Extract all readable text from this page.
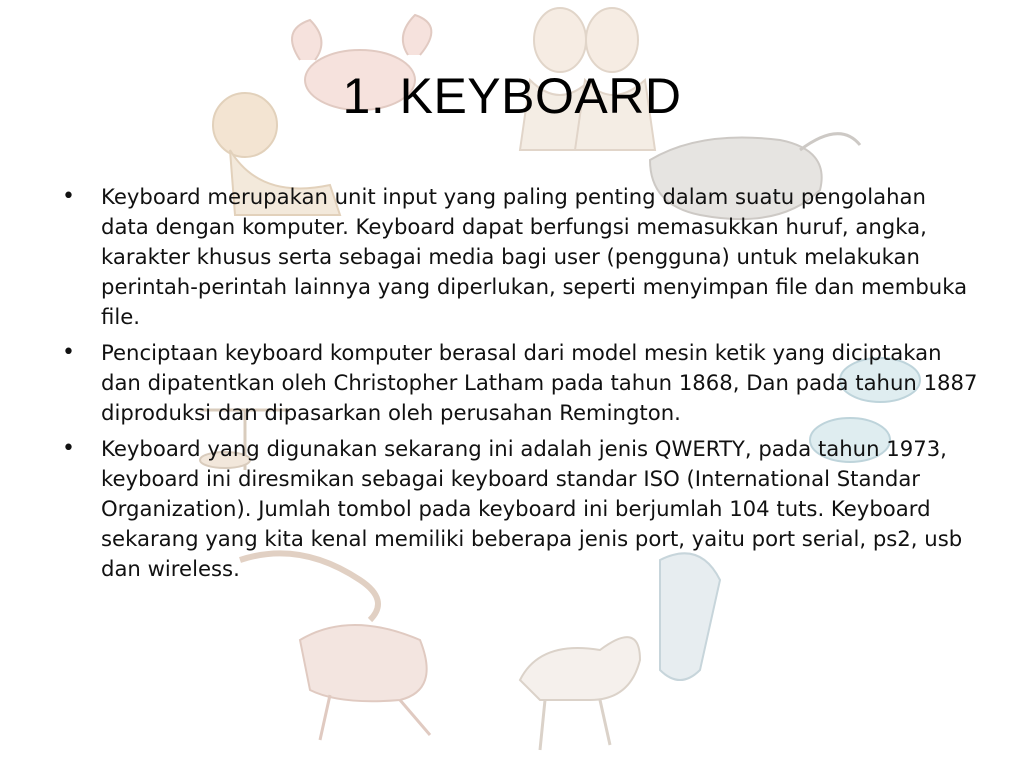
1. KEYBOARD
• Keyboard merupakan unit input yang paling penting dalam suatu pengolahan data dengan komputer. Keyboard dapat berfungsi memasukkan huruf, angka, karakter khusus serta sebagai media bagi user (pengguna) untuk melakukan perintah-perintah lainnya yang diperlukan, seperti menyimpan file dan membuka file.
• Penciptaan keyboard komputer berasal dari model mesin ketik yang diciptakan dan dipatentkan oleh Christopher Latham pada tahun 1868, Dan pada tahun 1887 diproduksi dan dipasarkan oleh perusahan Remington.
• Keyboard yang digunakan sekarang ini adalah jenis QWERTY, pada tahun 1973, keyboard ini diresmikan sebagai keyboard standar ISO (International Standar Organization). Jumlah tombol pada keyboard ini berjumlah 104 tuts. Keyboard sekarang yang kita kenal memiliki beberapa jenis port, yaitu port serial, ps2, usb dan wireless.
